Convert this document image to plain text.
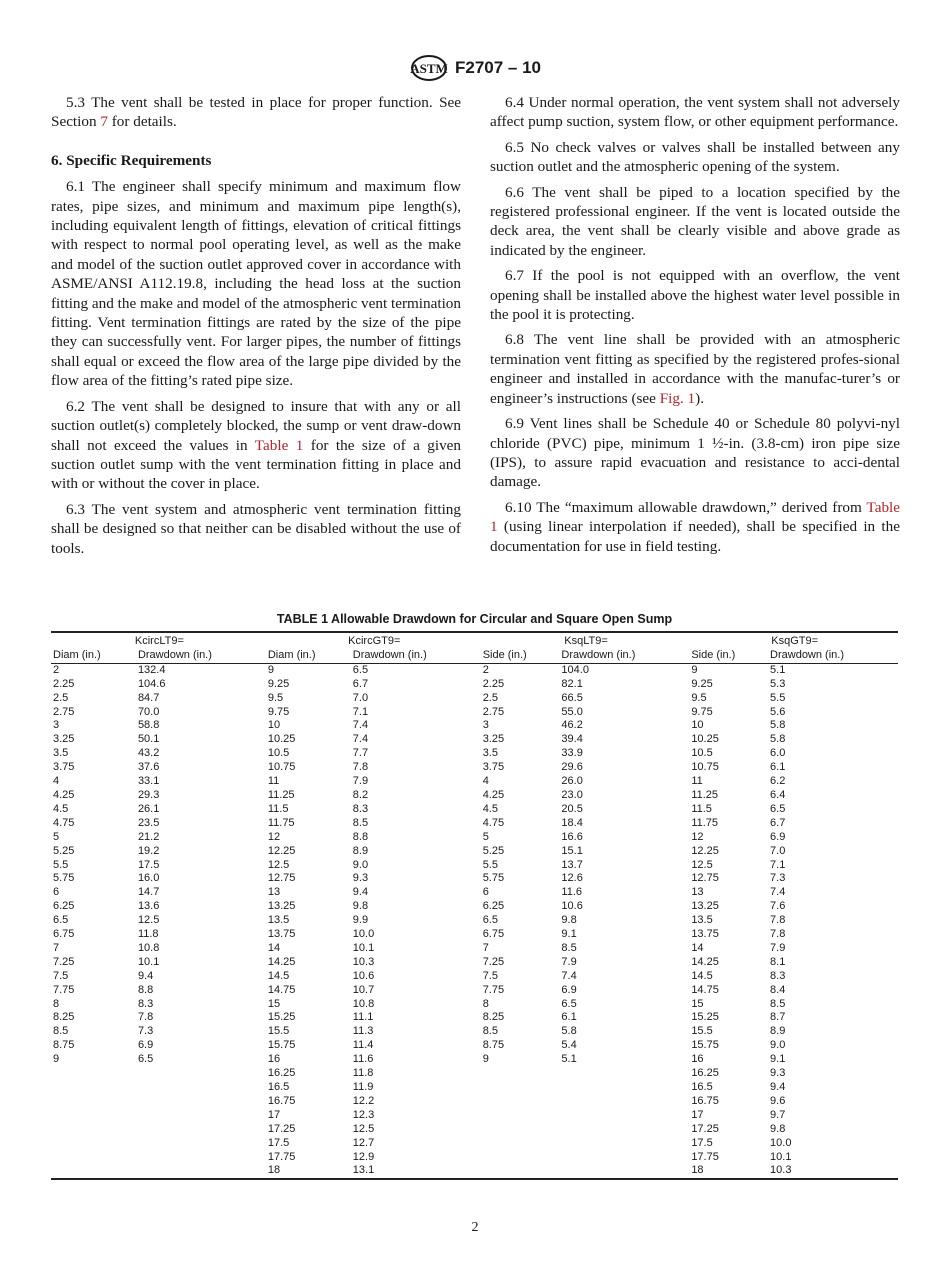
ASTM F2707 – 10

5.3 The vent shall be tested in place for proper function. See Section 7 for details.

6. Specific Requirements

6.1 The engineer shall specify minimum and maximum flow rates, pipe sizes, and minimum and maximum pipe length(s), including equivalent length of fittings, elevation of critical fittings with respect to normal pool operating level, as well as the make and model of the suction outlet approved cover in accordance with ASME/ANSI A112.19.8, including the head loss at the suction fitting and the make and model of the atmospheric vent termination fitting. Vent termination fittings are rated by the size of the pipe they can successfully vent. For larger pipes, the number of fittings shall equal or exceed the flow area of the large pipe divided by the flow area of the fitting’s rated pipe size.

6.2 The vent shall be designed to insure that with any or all suction outlet(s) completely blocked, the sump or vent draw-down shall not exceed the values in Table 1 for the size of a given suction outlet sump with the vent termination fitting in place and with or without the cover in place.

6.3 The vent system and atmospheric vent termination fitting shall be designed so that neither can be disabled without the use of tools.

6.4 Under normal operation, the vent system shall not adversely affect pump suction, system flow, or other equipment performance.

6.5 No check valves or valves shall be installed between any suction outlet and the atmospheric opening of the system.

6.6 The vent shall be piped to a location specified by the registered professional engineer. If the vent is located outside the deck area, the vent shall be clearly visible and above grade as indicated by the engineer.

6.7 If the pool is not equipped with an overflow, the vent opening shall be installed above the highest water level possible in the pool it is protecting.

6.8 The vent line shall be provided with an atmospheric termination vent fitting as specified by the registered profes-sional engineer and installed in accordance with the manufac-turer’s or engineer’s instructions (see Fig. 1).

6.9 Vent lines shall be Schedule 40 or Schedule 80 polyvi-nyl chloride (PVC) pipe, minimum 1 ½-in. (3.8-cm) iron pipe size (IPS), to assure rapid evacuation and resistance to acci-dental damage.

6.10 The “maximum allowable drawdown,” derived from Table 1 (using linear interpolation if needed), shall be specified in the documentation for use in field testing.

TABLE 1 Allowable Drawdown for Circular and Square Open Sump
KcircLT9=		KcircGT9=		KsqLT9=		KsqGT9=	
Diam (in.)	Drawdown (in.)	Diam (in.)	Drawdown (in.)	Side (in.)	Drawdown (in.)	Side (in.)	Drawdown (in.)
2	132.4	9	6.5	2	104.0	9	5.1
2.25	104.6	9.25	6.7	2.25	82.1	9.25	5.3
2.5	84.7	9.5	7.0	2.5	66.5	9.5	5.5
2.75	70.0	9.75	7.1	2.75	55.0	9.75	5.6
3	58.8	10	7.4	3	46.2	10	5.8
3.25	50.1	10.25	7.4	3.25	39.4	10.25	5.8
3.5	43.2	10.5	7.7	3.5	33.9	10.5	6.0
3.75	37.6	10.75	7.8	3.75	29.6	10.75	6.1
4	33.1	11	7.9	4	26.0	11	6.2
4.25	29.3	11.25	8.2	4.25	23.0	11.25	6.4
4.5	26.1	11.5	8.3	4.5	20.5	11.5	6.5
4.75	23.5	11.75	8.5	4.75	18.4	11.75	6.7
5	21.2	12	8.8	5	16.6	12	6.9
5.25	19.2	12.25	8.9	5.25	15.1	12.25	7.0
5.5	17.5	12.5	9.0	5.5	13.7	12.5	7.1
5.75	16.0	12.75	9.3	5.75	12.6	12.75	7.3
6	14.7	13	9.4	6	11.6	13	7.4
6.25	13.6	13.25	9.8	6.25	10.6	13.25	7.6
6.5	12.5	13.5	9.9	6.5	9.8	13.5	7.8
6.75	11.8	13.75	10.0	6.75	9.1	13.75	7.8
7	10.8	14	10.1	7	8.5	14	7.9
7.25	10.1	14.25	10.3	7.25	7.9	14.25	8.1
7.5	9.4	14.5	10.6	7.5	7.4	14.5	8.3
7.75	8.8	14.75	10.7	7.75	6.9	14.75	8.4
8	8.3	15	10.8	8	6.5	15	8.5
8.25	7.8	15.25	11.1	8.25	6.1	15.25	8.7
8.5	7.3	15.5	11.3	8.5	5.8	15.5	8.9
8.75	6.9	15.75	11.4	8.75	5.4	15.75	9.0
9	6.5	16	11.6	9	5.1	16	9.1
		16.25	11.8			16.25	9.3
		16.5	11.9			16.5	9.4
		16.75	12.2			16.75	9.6
		17	12.3			17	9.7
		17.25	12.5			17.25	9.8
		17.5	12.7			17.5	10.0
		17.75	12.9			17.75	10.1
		18	13.1			18	10.3
2
